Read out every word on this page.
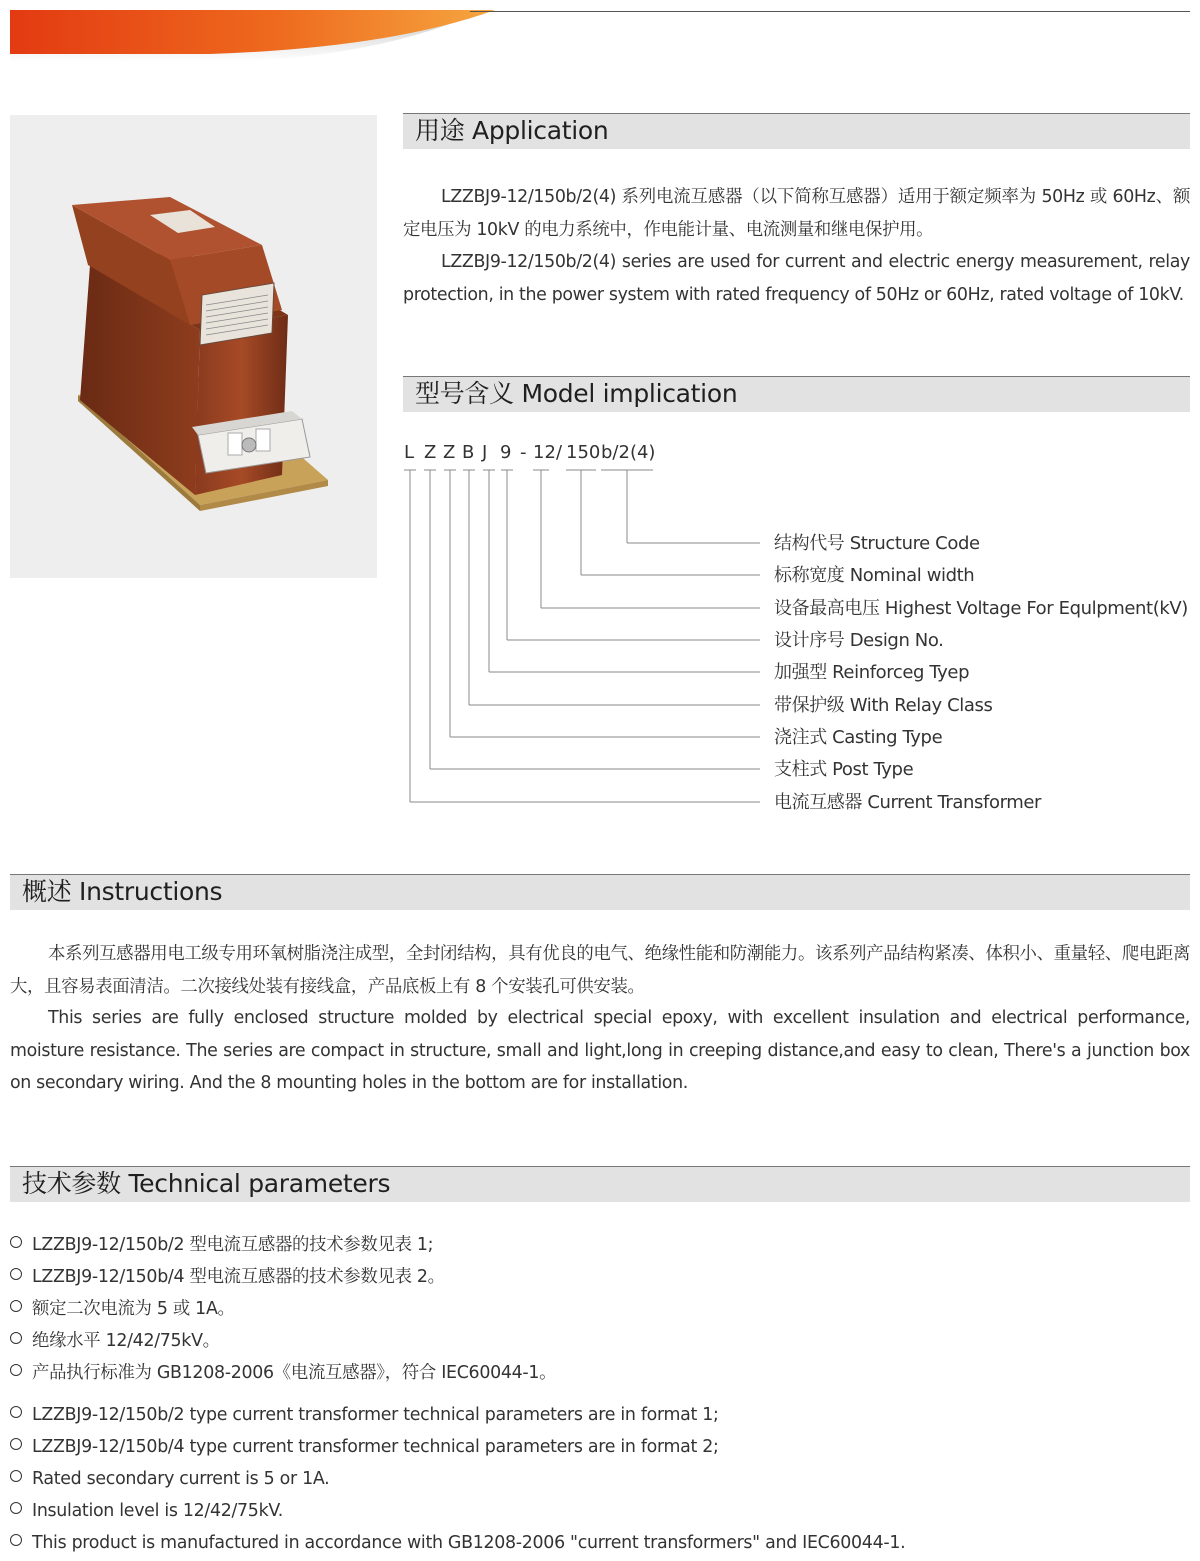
用途 Application

LZZBJ9-12/150b/2(4) 系列电流互感器（以下简称互感器）适用于额定频率为 50Hz 或 60Hz、额定电压为 10kV 的电力系统中，作电能计量、电流测量和继电保护用。

LZZBJ9-12/150b/2(4) series are used for current and electric energy measurement, relay protection, in the power system with rated frequency of 50Hz or 60Hz, rated voltage of 10kV.

型号含义 Model implication
L Z Z B J 9 - 12 / 150 b/2(4)
结构代号 Structure Code
标称宽度 Nominal width
设备最高电压 Highest Voltage For Equlpment(kV)
设计序号 Design No.
加强型 Reinforceg Tyep
带保护级 With Relay Class
浇注式 Casting Type
支柱式 Post Type
电流互感器 Current Transformer
概述 Instructions

本系列互感器用电工级专用环氧树脂浇注成型，全封闭结构，具有优良的电气、绝缘性能和防潮能力。该系列产品结构紧凑、体积小、重量轻、爬电距离大，且容易表面清洁。二次接线处装有接线盒，产品底板上有 8 个安装孔可供安装。

This series are fully enclosed structure molded by electrical special epoxy, with excellent insulation and electrical performance, moisture resistance. The series are compact in structure, small and light,long in creeping distance,and easy to clean, There's a junction box on secondary wiring. And the 8 mounting holes in the bottom are for installation.

技术参数 Technical parameters
LZZBJ9-12/150b/2 型电流互感器的技术参数见表 1;
LZZBJ9-12/150b/4 型电流互感器的技术参数见表 2。
额定二次电流为 5 或 1A。
绝缘水平 12/42/75kV。
产品执行标准为 GB1208-2006《电流互感器》，符合 IEC60044-1。
LZZBJ9-12/150b/2 type current transformer technical parameters are in format 1;
LZZBJ9-12/150b/4 type current transformer technical parameters are in format 2;
Rated secondary current is 5 or 1A.
Insulation level is 12/42/75kV.
This product is manufactured in accordance with GB1208-2006 "current transformers" and IEC60044-1.
